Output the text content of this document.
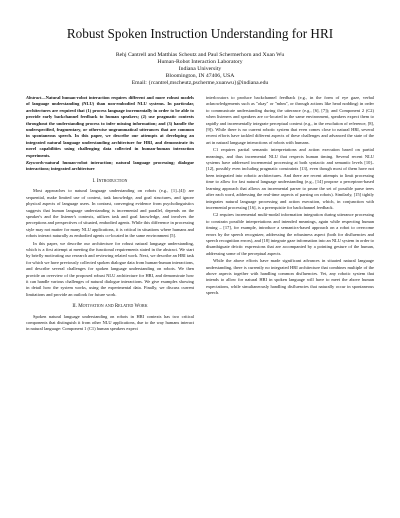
Robust Spoken Instruction Understanding for HRI
Rehj Cantrell and Matthias Scheutz and Paul Schermerhorn and Xuan Wu
Human-Robot Interaction Laboratory
Indiana University
Bloomington, IN 47406, USA
Email: {rcantrel,mscheutz,pscherme,xuanwu}@indiana.edu

Abstract—Natural human-robot interaction requires different and more robust models of language understanding (NLU) than non-embodied NLU systems. In particular, architectures are required that (1) process language incrementally in order to be able to provide early backchannel feedback to human speakers; (2) use pragmatic contexts throughout the understanding process to infer missing information; and (3) handle the underspecified, fragmentary, or otherwise ungrammatical utterances that are common in spontaneous speech. In this paper, we describe our attempts at developing an integrated natural language understanding architecture for HRI, and demonstrate its novel capabilities using challenging data collected in human-human interaction experiments.

Keywords-natural human-robot interaction; natural language processing; dialogue interactions; integrated architecture

I. Introduction

Most approaches to natural language understanding on robots (e.g., [1]–[4]) are sequential, make limited use of context, task knowledge, and goal structures, and ignore physical aspects of language users. In contrast, converging evidence from psycholinguistics suggests that human language understanding is incremental and parallel, depends on the speaker's and the listener's contexts, utilizes task and goal knowledge, and involves the perceptions and perspectives of situated, embodied agents. While this difference in processing style may not matter for many NLU applications, it is critical in situations where humans and robots interact naturally as embodied agents co-located in the same environment [5].

In this paper, we describe our architecture for robust natural language understanding, which is a first attempt at meeting the functional requirements stated in the abstract. We start by briefly motivating our research and reviewing related work. Next, we describe an HRI task for which we have previously collected spoken dialogue data from human-human interactions, and describe several challenges for spoken language understanding on robots. We then provide an overview of the proposed robust NLU architecture for HRI, and demonstrate how it can handle various challenges of natural dialogue interactions. We give examples showing in detail how the system works, using the experimental data. Finally, we discuss current limitations and provide an outlook for future work.

II. Motivation and Related Work

Spoken natural language understanding on robots in HRI contexts has two critical components that distinguish it from other NLU applications, due to the way humans interact in natural language: Component 1 (C1) human speakers expect

interlocutors to produce backchannel feedback (e.g., in the form of eye gaze, verbal acknowledgements such as "okay" or "mhm", or through actions like head nodding) in order to communicate understanding during the utterance (e.g., [6], [7]); and Component 2 (C2) when listeners and speakers are co-located in the same environment, speakers expect them to rapidly and incrementally integrate perceptual context (e.g., in the resolution of reference, [8], [9]). While there is no current robotic system that even comes close to natural HRI, several recent efforts have tackled different aspects of these challenges and advanced the state of the art in natural language interactions of robots with humans.

C1 requires partial semantic interpretations and action execution based on partial meanings, and thus incremental NLU that respects human timing. Several recent NLU systems have addressed incremental processing at both syntactic and semantic levels [10]–[12], possibly even including pragmatic constraints [13], even though most of them have not been integrated into robotic architectures. And there are recent attempts to limit processing time to allow for fast natural language understanding (e.g., [14] propose a perceptron-based learning approach that allows an incremental parser to prune the set of possible parse trees after each word, addressing the real-time aspects of parsing on robots). Similarly, [15] tightly integrates natural language processing and action execution, which, in conjunction with incremental processing [16], is a prerequisite for backchannel feedback.

C2 requires incremental multi-modal information integration during utterance processing to constrain possible interpretations and intended meanings, again while respecting human timing – [17], for example, introduce a semantics-based approach on a robot to overcome errors by the speech recognizer, addressing the robustness aspect (both for disfluencies and speech recognition errors), and [18] integrate gaze information into an NLU system in order to disambiguate deictic expressions that are accompanied by a pointing gesture of the human, addressing some of the perceptual aspects.

While the above efforts have made significant advances in situated natural language understanding, there is currently no integrated HRI architecture that combines multiple of the above aspects together with handling common disfluencies. Yet, any robotic system that intends to allow for natural HRI in spoken language will have to meet the above human expectations, while simultaneously handling disfluencies that naturally occur in spontaneous speech.
